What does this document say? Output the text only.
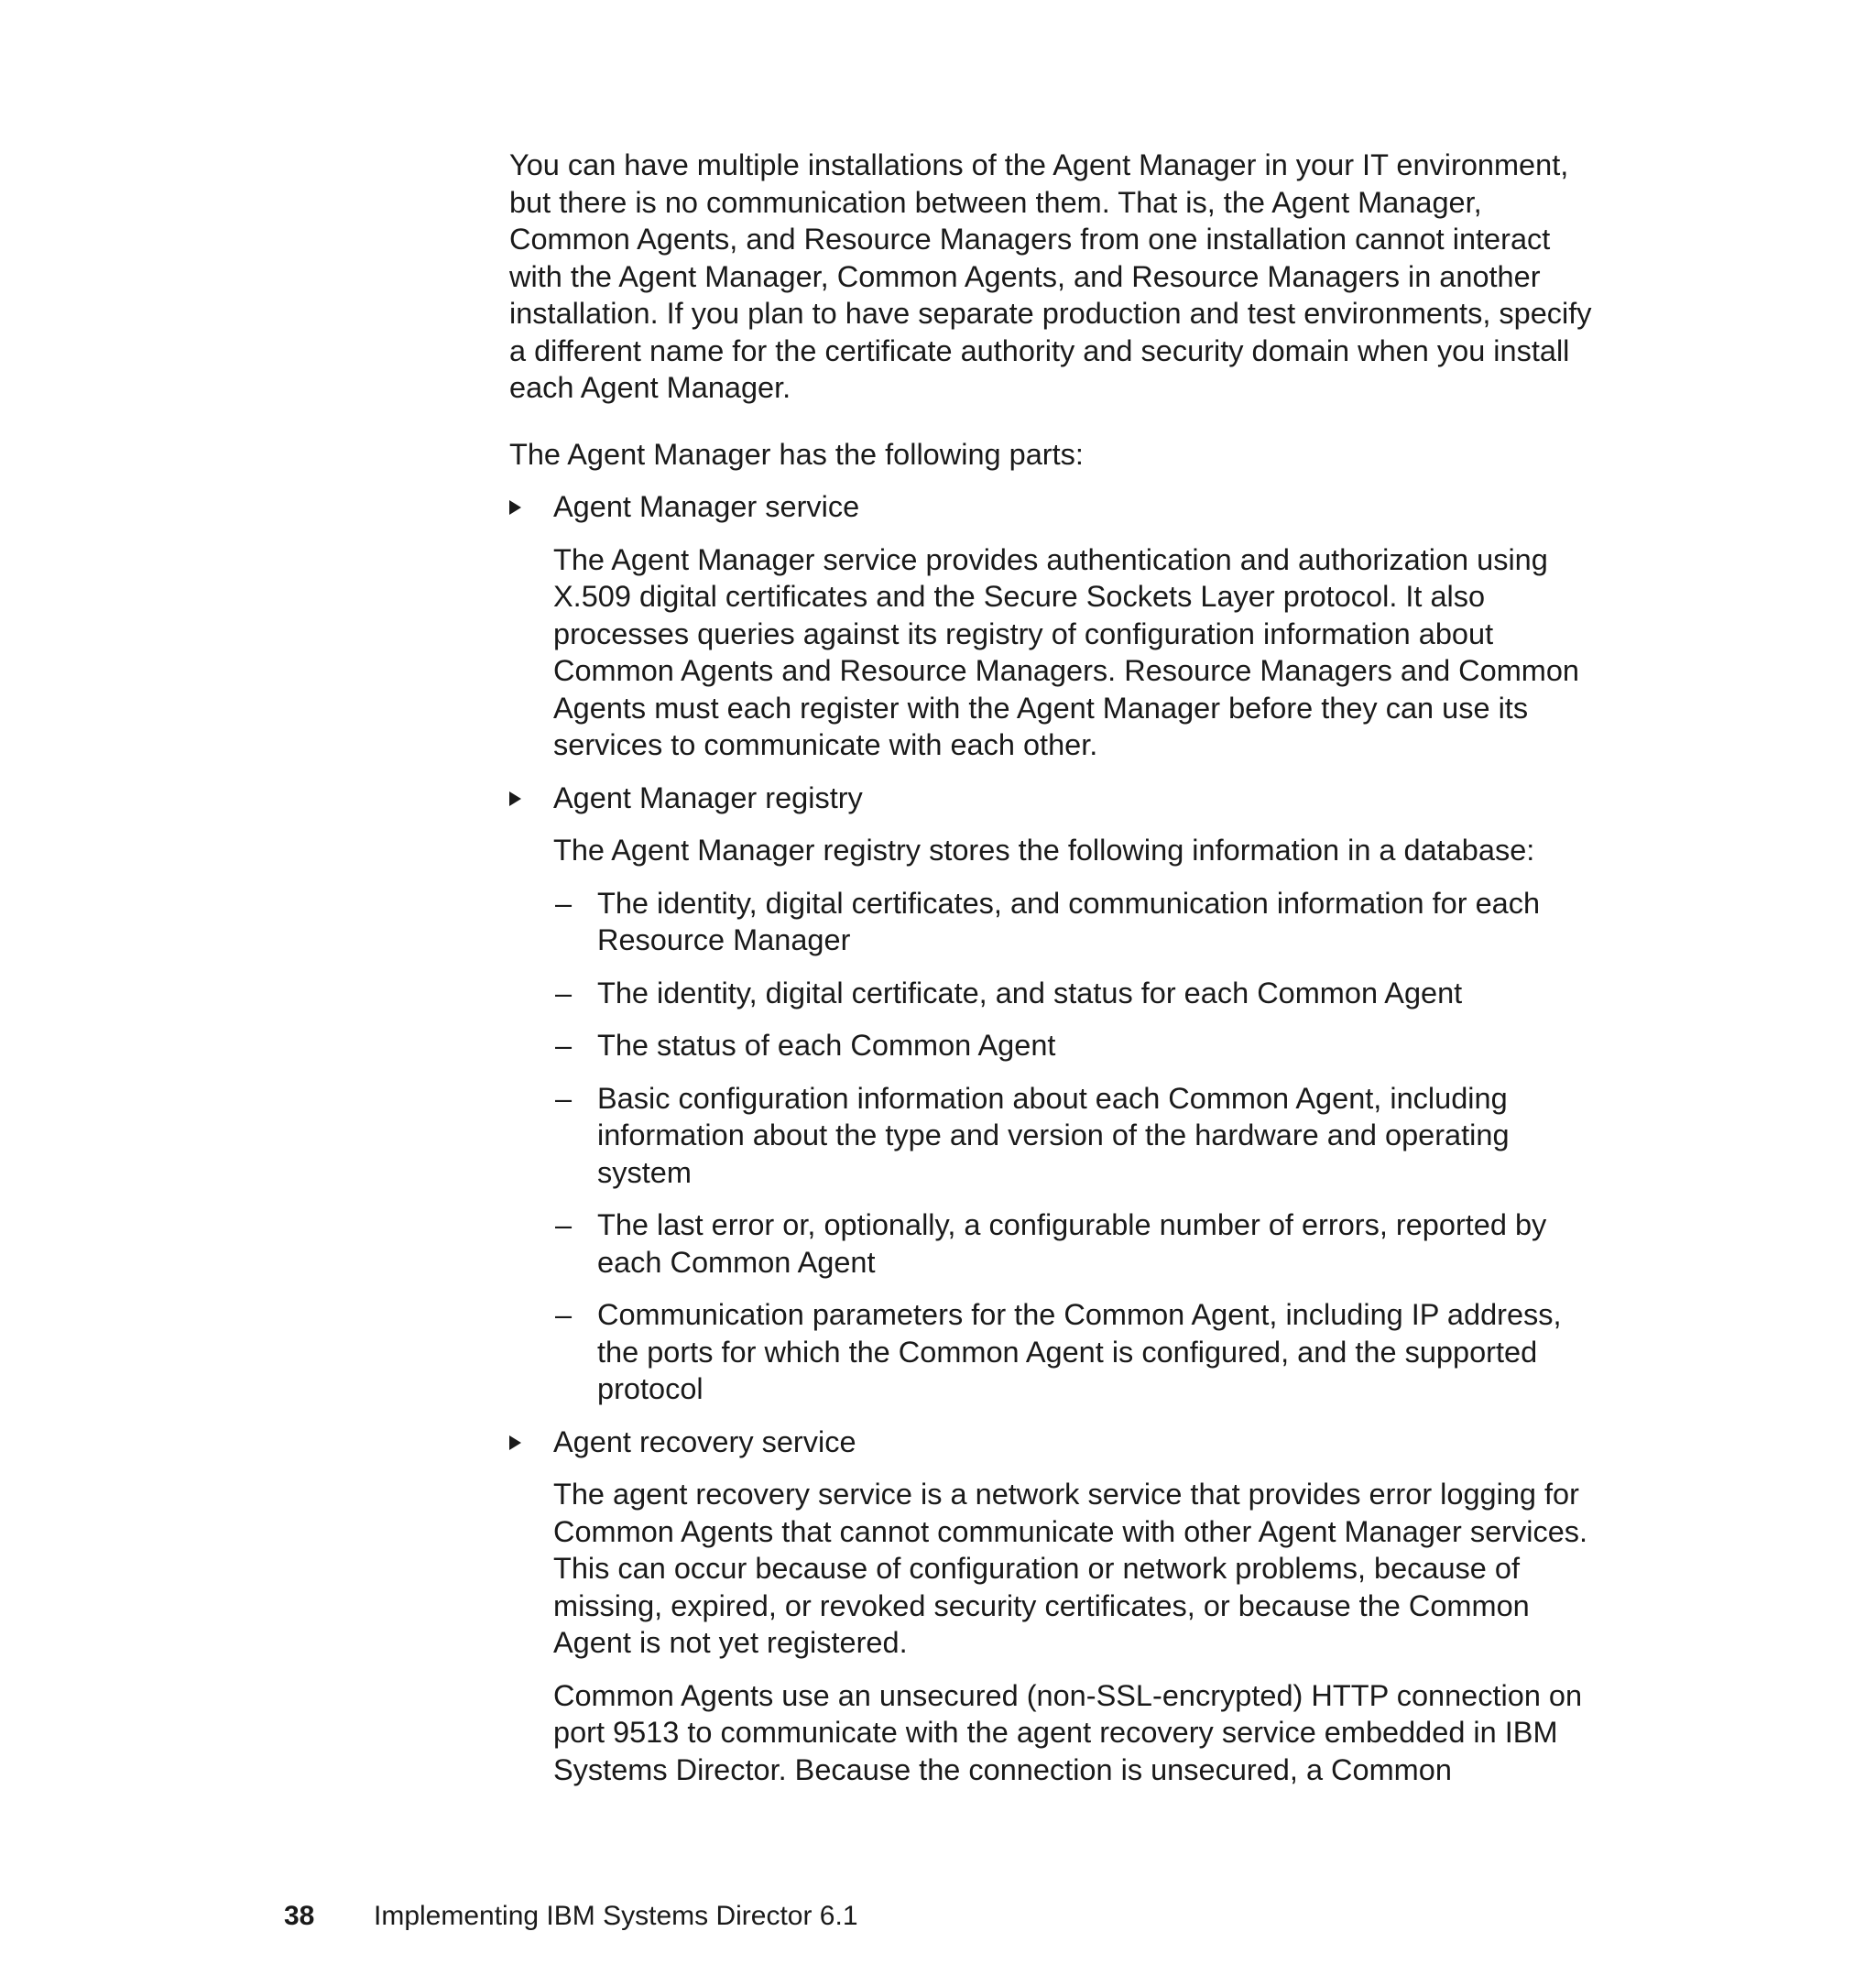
You can have multiple installations of the Agent Manager in your IT environment, but there is no communication between them. That is, the Agent Manager, Common Agents, and Resource Managers from one installation cannot interact with the Agent Manager, Common Agents, and Resource Managers in another installation. If you plan to have separate production and test environments, specify a different name for the certificate authority and security domain when you install each Agent Manager.

The Agent Manager has the following parts:

Agent Manager service

The Agent Manager service provides authentication and authorization using X.509 digital certificates and the Secure Sockets Layer protocol. It also processes queries against its registry of configuration information about Common Agents and Resource Managers. Resource Managers and Common Agents must each register with the Agent Manager before they can use its services to communicate with each other.

Agent Manager registry

The Agent Manager registry stores the following information in a database:

– The identity, digital certificates, and communication information for each Resource Manager
– The identity, digital certificate, and status for each Common Agent
– The status of each Common Agent
– Basic configuration information about each Common Agent, including information about the type and version of the hardware and operating system
– The last error or, optionally, a configurable number of errors, reported by each Common Agent
– Communication parameters for the Common Agent, including IP address, the ports for which the Common Agent is configured, and the supported protocol
Agent recovery service

The agent recovery service is a network service that provides error logging for Common Agents that cannot communicate with other Agent Manager services. This can occur because of configuration or network problems, because of missing, expired, or revoked security certificates, or because the Common Agent is not yet registered.

Common Agents use an unsecured (non-SSL-encrypted) HTTP connection on port 9513 to communicate with the agent recovery service embedded in IBM Systems Director. Because the connection is unsecured, a Common

38 Implementing IBM Systems Director 6.1
